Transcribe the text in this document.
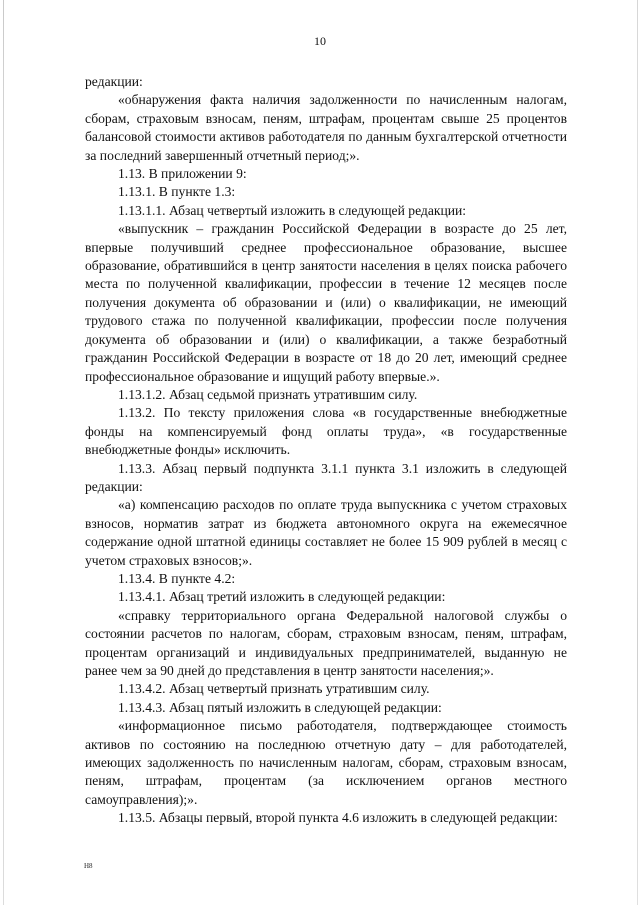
10

редакции:

«обнаружения факта наличия задолженности по начисленным налогам, сборам, страховым взносам, пеням, штрафам, процентам свыше 25 процентов балансовой стоимости активов работодателя по данным бухгалтерской отчетности за последний завершенный отчетный период;».

1.13. В приложении 9:

1.13.1. В пункте 1.3:

1.13.1.1. Абзац четвертый изложить в следующей редакции:

«выпускник – гражданин Российской Федерации в возрасте до 25 лет, впервые получивший среднее профессиональное образование, высшее образование, обратившийся в центр занятости населения в целях поиска рабочего места по полученной квалификации, профессии в течение 12 месяцев после получения документа об образовании и (или) о квалификации, не имеющий трудового стажа по полученной квалификации, профессии после получения документа об образовании и (или) о квалификации, а также безработный гражданин Российской Федерации в возрасте от 18 до 20 лет, имеющий среднее профессиональное образование и ищущий работу впервые.».

1.13.1.2. Абзац седьмой признать утратившим силу.

1.13.2. По тексту приложения слова «в государственные внебюджетные фонды на компенсируемый фонд оплаты труда», «в государственные внебюджетные фонды» исключить.

1.13.3. Абзац первый подпункта 3.1.1 пункта 3.1 изложить в следующей редакции:

«а) компенсацию расходов по оплате труда выпускника с учетом страховых взносов, норматив затрат из бюджета автономного округа на ежемесячное содержание одной штатной единицы составляет не более 15 909 рублей в месяц с учетом страховых взносов;».

1.13.4. В пункте 4.2:

1.13.4.1. Абзац третий изложить в следующей редакции:

«справку территориального органа Федеральной налоговой службы о состоянии расчетов по налогам, сборам, страховым взносам, пеням, штрафам, процентам организаций и индивидуальных предпринимателей, выданную не ранее чем за 90 дней до представления в центр занятости населения;».

1.13.4.2. Абзац четвертый признать утратившим силу.

1.13.4.3. Абзац пятый изложить в следующей редакции:

«информационное письмо работодателя, подтверждающее стоимость активов по состоянию на последнюю отчетную дату – для работодателей, имеющих задолженность по начисленным налогам, сборам, страховым взносам, пеням, штрафам, процентам (за исключением органов местного самоуправления);».

1.13.5. Абзацы первый, второй пункта 4.6 изложить в следующей редакции:

H8
